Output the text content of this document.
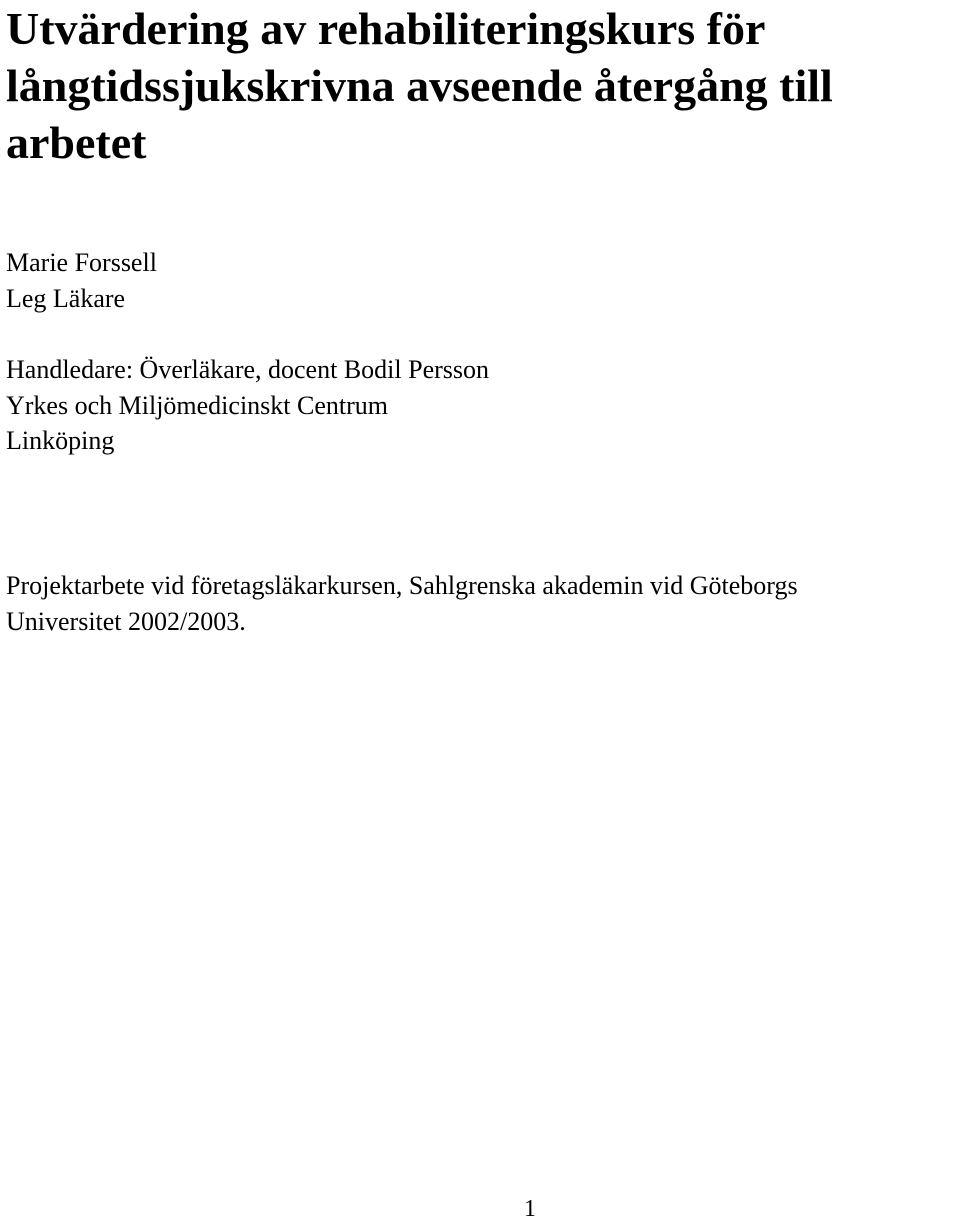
Utvärdering av rehabiliteringskurs för
långtidssjukskrivna avseende återgång till
arbetet
Marie Forssell
Leg Läkare
Handledare: Överläkare, docent Bodil Persson
Yrkes och Miljömedicinskt Centrum
Linköping
Projektarbete vid företagsläkarkursen, Sahlgrenska akademin vid Göteborgs
Universitet 2002/2003.
1
